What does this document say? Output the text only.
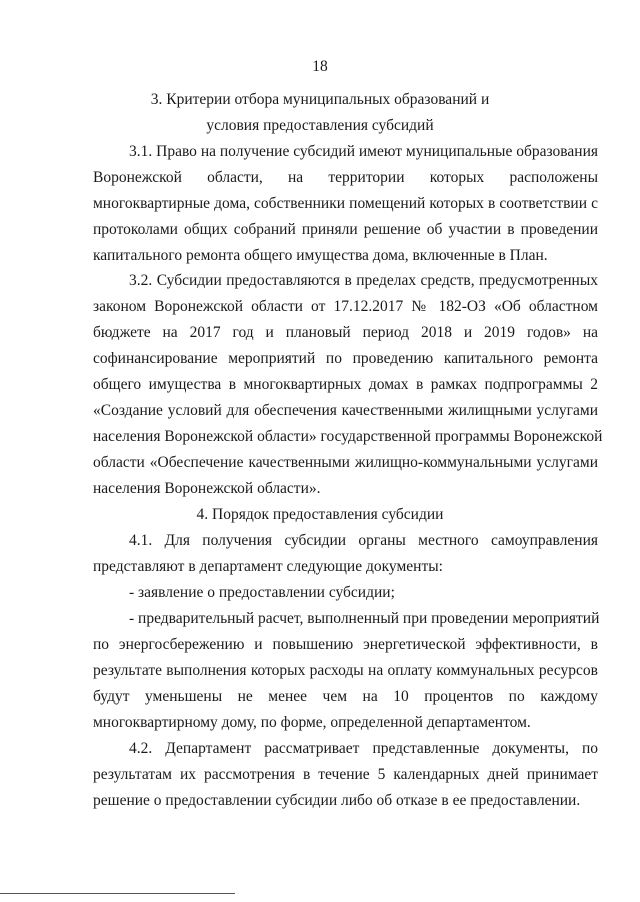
18
3. Критерии отбора муниципальных образований и
условия предоставления субсидий
3.1. Право на получение субсидий имеют муниципальные образования
Воронежской области, на территории которых расположены
многоквартирные дома, собственники помещений которых в соответствии с
протоколами общих собраний приняли решение об участии в проведении
капитального ремонта общего имущества дома, включенные в План.
3.2. Субсидии предоставляются в пределах средств, предусмотренных
законом Воронежской области от 17.12.2017 № 182-ОЗ «Об областном
бюджете на 2017 год и плановый период 2018 и 2019 годов» на
софинансирование мероприятий по проведению капитального ремонта
общего имущества в многоквартирных домах в рамках подпрограммы 2
«Создание условий для обеспечения качественными жилищными услугами
населения Воронежской области» государственной программы Воронежской
области «Обеспечение качественными жилищно-коммунальными услугами
населения Воронежской области».
4. Порядок предоставления субсидии
4.1. Для получения субсидии органы местного самоуправления
представляют в департамент следующие документы:
- заявление о предоставлении субсидии;
- предварительный расчет, выполненный при проведении мероприятий
по энергосбережению и повышению энергетической эффективности, в
результате выполнения которых расходы на оплату коммунальных ресурсов
будут уменьшены не менее чем на 10 процентов по каждому
многоквартирному дому, по форме, определенной департаментом.
4.2. Департамент рассматривает представленные документы, по
результатам их рассмотрения в течение 5 календарных дней принимает
решение о предоставлении субсидии либо об отказе в ее предоставлении.
